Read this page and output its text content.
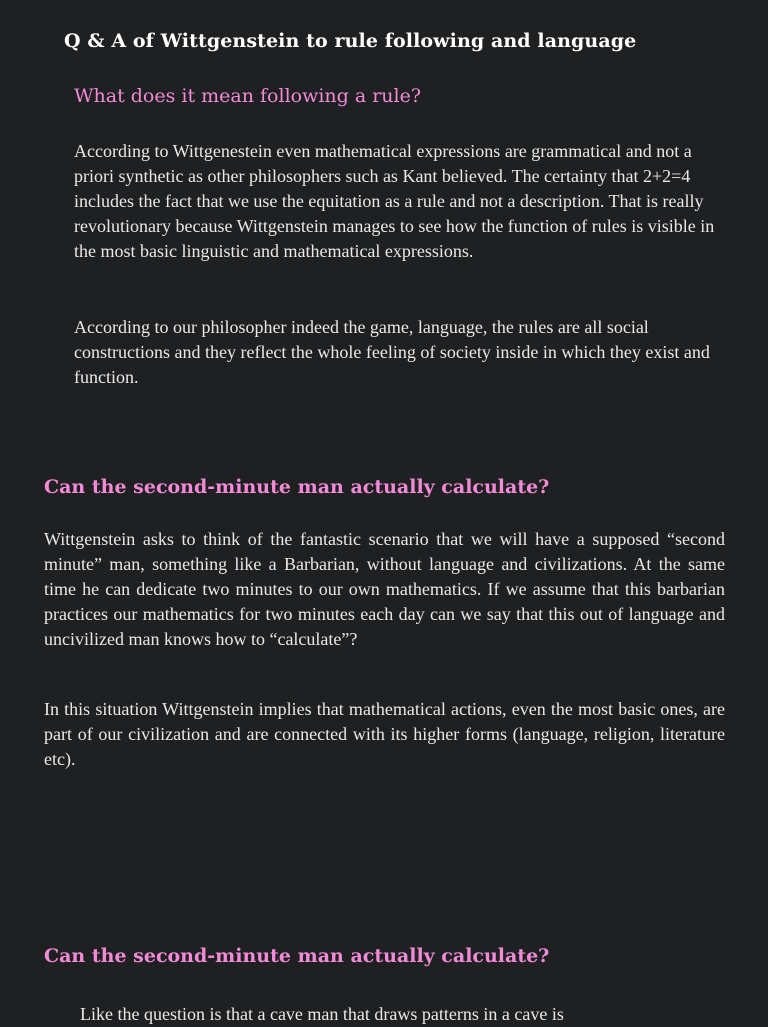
Q & A of Wittgenstein to rule following and language
What does it mean following a rule?

According to Wittgenestein even mathematical expressions are grammatical and not a priori synthetic as other philosophers such as Kant believed. The certainty that 2+2=4 includes the fact that we use the equitation as a rule and not a description. That is really revolutionary because Wittgenstein manages to see how the function of rules is visible in the most basic linguistic and mathematical expressions.

According to our philosopher indeed the game, language, the rules are all social constructions and they reflect the whole feeling of society inside in which they exist and function.

Can the second-minute man actually calculate?

Wittgenstein asks to think of the fantastic scenario that we will have a supposed “second minute” man, something like a Barbarian, without language and civilizations. At the same time he can dedicate two minutes to our own mathematics. If we assume that this barbarian practices our mathematics for two minutes each day can we say that this out of language and uncivilized man knows how to “calculate”?

In this situation Wittgenstein implies that mathematical actions, even the most basic ones, are part of our civilization and are connected with its higher forms (language, religion, literature etc).

Can the second-minute man actually calculate?

Like the question is that a cave man that draws patterns in a cave is
